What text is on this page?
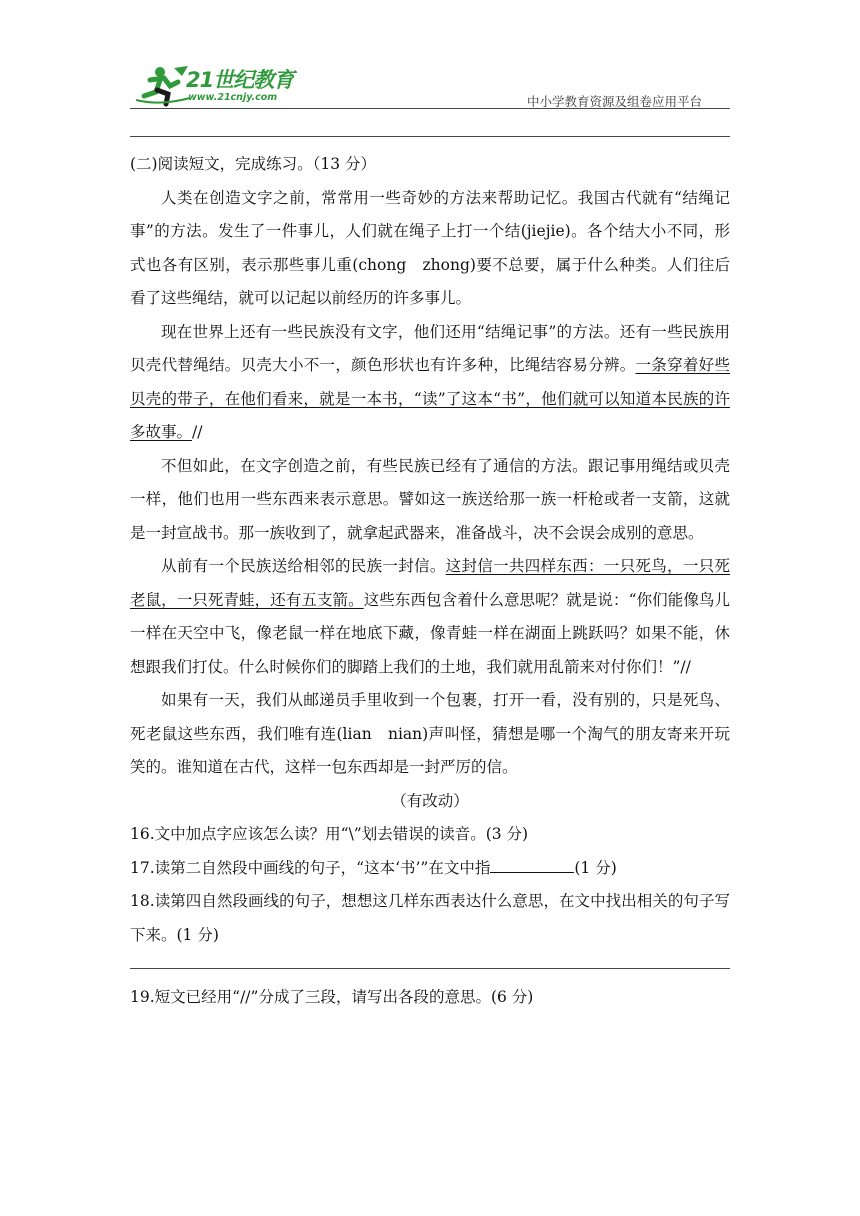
21世纪教育
www.21cnjy.com	中小学教育资源及组卷应用平台

(二)阅读短文，完成练习。（13 分）

人类在创造文字之前，常常用一些奇妙的方法来帮助记忆。我国古代就有“结绳记事”的方法。发生了一件事儿，人们就在绳子上打一个结(jiejie)。各个结大小不同，形式也各有区别，表示那些事儿重(chong　zhong)要不总要，属于什么种类。人们往后看了这些绳结，就可以记起以前经历的许多事儿。

现在世界上还有一些民族没有文字，他们还用“结绳记事”的方法。还有一些民族用贝壳代替绳结。贝壳大小不一，颜色形状也有许多种，比绳结容易分辨。一条穿着好些贝壳的带子，在他们看来，就是一本书，“读”了这本“书”，他们就可以知道本民族的许多故事。//

不但如此，在文字创造之前，有些民族已经有了通信的方法。跟记事用绳结或贝壳一样，他们也用一些东西来表示意思。譬如这一族送给那一族一杆枪或者一支箭，这就是一封宣战书。那一族收到了，就拿起武器来，准备战斗，决不会误会成别的意思。

从前有一个民族送给相邻的民族一封信。这封信一共四样东西：一只死鸟，一只死老鼠，一只死青蛙，还有五支箭。这些东西包含着什么意思呢？就是说：“你们能像鸟儿一样在天空中飞，像老鼠一样在地底下藏，像青蛙一样在湖面上跳跃吗？如果不能，休想跟我们打仗。什么时候你们的脚踏上我们的土地，我们就用乱箭来对付你们！”//

如果有一天，我们从邮递员手里收到一个包裹，打开一看，没有别的，只是死鸟、死老鼠这些东西，我们唯有连(lian　nian)声叫怪，猜想是哪一个淘气的朋友寄来开玩笑的。谁知道在古代，这样一包东西却是一封严厉的信。

（有改动）

16.文中加点字应该怎么读？用“\”划去错误的读音。(3 分)

17.读第二自然段中画线的句子，“这本‘书’”在文中指	(1 分)

18.读第四自然段画线的句子，想想这几样东西表达什么意思，在文中找出相关的句子写下来。(1 分)

19.短文已经用“//”分成了三段，请写出各段的意思。(6 分)
